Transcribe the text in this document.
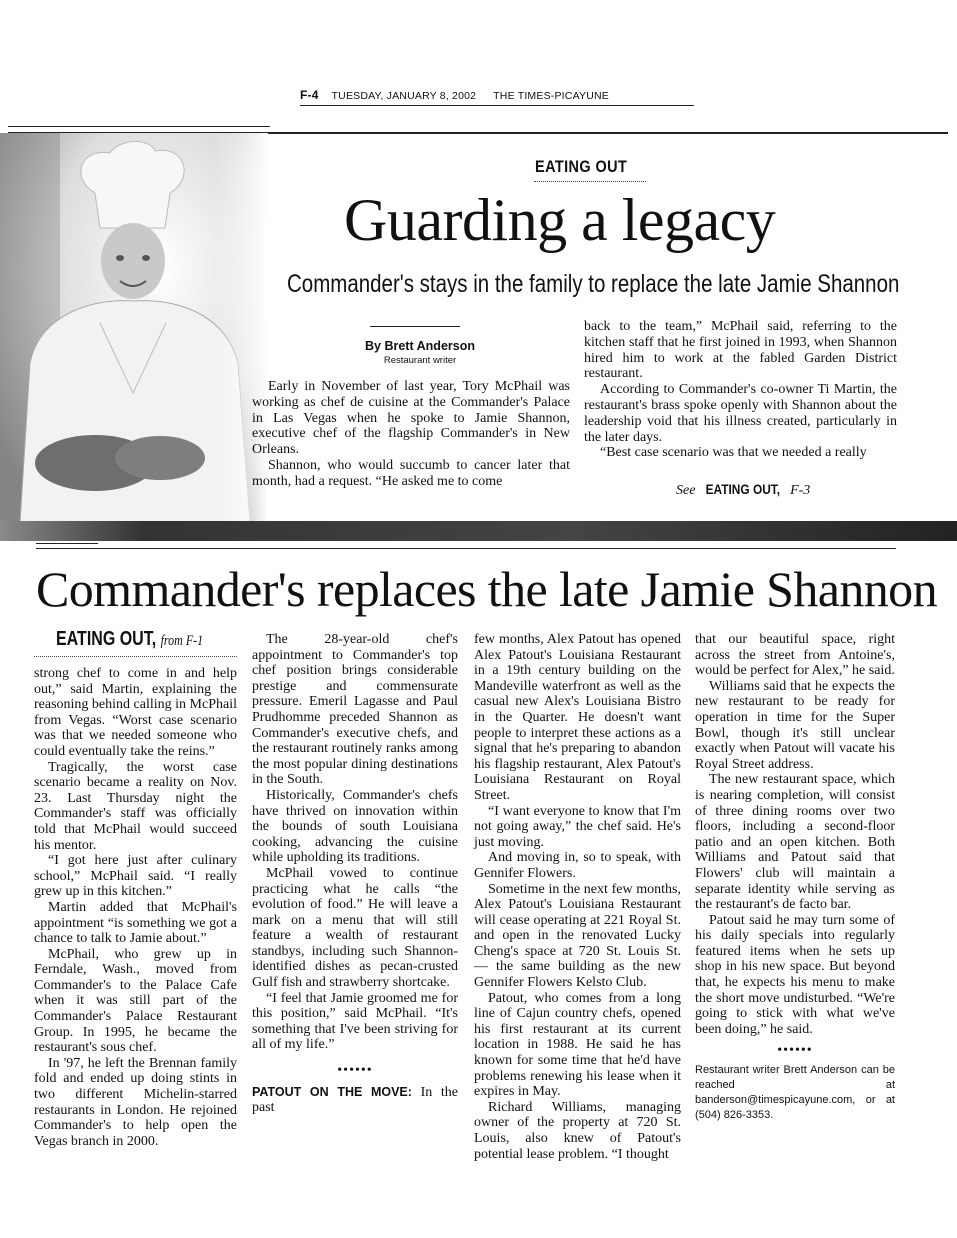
F-4 TUESDAY, JANUARY 8, 2002 THE TIMES-PICAYUNE
EATING OUT
Guarding a legacy
Commander's stays in the family to replace the late Jamie Shannon
By Brett Anderson
Restaurant writer

Early in November of last year, Tory McPhail was working as chef de cuisine at the Commander's Palace in Las Vegas when he spoke to Jamie Shannon, executive chef of the flagship Commander's in New Orleans.

Shannon, who would succumb to cancer later that month, had a request. “He asked me to come

back to the team,” McPhail said, referring to the kitchen staff that he first joined in 1993, when Shannon hired him to work at the fabled Garden District restaurant.

According to Commander's co-owner Ti Martin, the restaurant's brass spoke openly with Shannon about the leadership void that his illness created, particularly in the later days.

“Best case scenario was that we needed a really

See EATING OUT, F-3
Commander's replaces the late Jamie Shannon
EATING OUT, from F-1

strong chef to come in and help out,” said Martin, explaining the reasoning behind calling in McPhail from Vegas. “Worst case scenario was that we needed someone who could eventually take the reins.”

Tragically, the worst case scenario became a reality on Nov. 23. Last Thursday night the Commander's staff was officially told that McPhail would succeed his mentor.

“I got here just after culinary school,” McPhail said. “I really grew up in this kitchen.”

Martin added that McPhail's appointment “is something we got a chance to talk to Jamie about.”

McPhail, who grew up in Ferndale, Wash., moved from Commander's to the Palace Cafe when it was still part of the Commander's Palace Restaurant Group. In 1995, he became the restaurant's sous chef.

In '97, he left the Brennan family fold and ended up doing stints in two different Michelin-starred restaurants in London. He rejoined Commander's to help open the Vegas branch in 2000.

The 28-year-old chef's appointment to Commander's top chef position brings considerable prestige and commensurate pressure. Emeril Lagasse and Paul Prudhomme preceded Shannon as Commander's executive chefs, and the restaurant routinely ranks among the most popular dining destinations in the South.

Historically, Commander's chefs have thrived on innovation within the bounds of south Louisiana cooking, advancing the cuisine while upholding its traditions.

McPhail vowed to continue practicing what he calls “the evolution of food.” He will leave a mark on a menu that will still feature a wealth of restaurant standbys, including such Shannon-identified dishes as pecan-crusted Gulf fish and strawberry shortcake.

“I feel that Jamie groomed me for this position,” said McPhail. “It's something that I've been striving for all of my life.”

••••••

PATOUT ON THE MOVE: In the past

few months, Alex Patout has opened Alex Patout's Louisiana Restaurant in a 19th century building on the Mandeville waterfront as well as the casual new Alex's Louisiana Bistro in the Quarter. He doesn't want people to interpret these actions as a signal that he's preparing to abandon his flagship restaurant, Alex Patout's Louisiana Restaurant on Royal Street.

“I want everyone to know that I'm not going away,” the chef said. He's just moving.

And moving in, so to speak, with Gennifer Flowers.

Sometime in the next few months, Alex Patout's Louisiana Restaurant will cease operating at 221 Royal St. and open in the renovated Lucky Cheng's space at 720 St. Louis St. — the same building as the new Gennifer Flowers Kelsto Club.

Patout, who comes from a long line of Cajun country chefs, opened his first restaurant at its current location in 1988. He said he has known for some time that he'd have problems renewing his lease when it expires in May.

Richard Williams, managing owner of the property at 720 St. Louis, also knew of Patout's potential lease problem. “I thought

that our beautiful space, right across the street from Antoine's, would be perfect for Alex,” he said.

Williams said that he expects the new restaurant to be ready for operation in time for the Super Bowl, though it's still unclear exactly when Patout will vacate his Royal Street address.

The new restaurant space, which is nearing completion, will consist of three dining rooms over two floors, including a second-floor patio and an open kitchen. Both Williams and Patout said that Flowers' club will maintain a separate identity while serving as the restaurant's de facto bar.

Patout said he may turn some of his daily specials into regularly featured items when he sets up shop in his new space. But beyond that, he expects his menu to make the short move undisturbed. “We're going to stick with what we've been doing,” he said.

••••••
Restaurant writer Brett Anderson can be reached at banderson@timespicayune.com, or at (504) 826-3353.
